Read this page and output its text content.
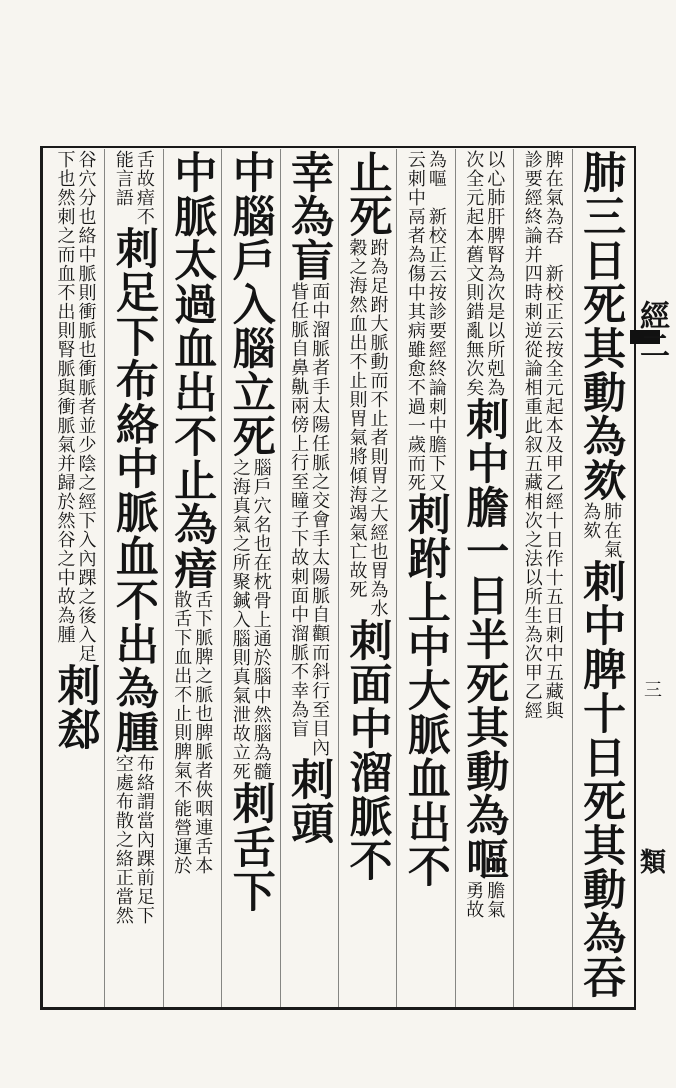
經二
三
類
肺三日死其動為欬
肺在氣
為欬
刺中脾十日死其動為吞
脾在氣為吞　新校正云按全元起本及甲乙經十日作十五日刺中五藏與
診要經終論并四時刺逆從論相重此叙五藏相次之法以所生為次甲乙經
以心肺肝脾腎為次是以所剋為
次全元起本舊文則錯亂無次矣
刺中膽一日半死其動為嘔
膽氣
勇故
為嘔　新校正云按診要經終論刺中膽下又
云刺中鬲者為傷中其病雖愈不過一歲而死
刺跗上中大脈血出不
止死
跗為足跗大脈動而不止者則胃之大經也胃為水
穀之海然血出不止則胃氣將傾海竭氣亡故死
刺面中溜脈不
幸為盲
面中溜脈者手太陽任脈之交會手太陽脈自顴而斜行至目內
眥任脈自鼻鼽兩傍上行至瞳子下故刺面中溜脈不幸為盲
刺頭
中腦戶入腦立死
腦戶穴名也在枕骨上通於腦中然腦為髓
之海真氣之所聚鍼入腦則真氣泄故立死
刺舌下
中脈太過血出不止為瘖
舌下脈脾之脈也脾脈者俠咽連舌本
散舌下血出不止則脾氣不能營運於
舌故瘖不
能言語
刺足下布絡中脈血不出為腫
布絡謂當內踝前足下
空處布散之絡正當然
谷穴分也絡中脈則衝脈也衝脈者並少陰之經下入內踝之後入足
下也然刺之而血不出則腎脈與衝脈氣并歸於然谷之中故為腫
刺郄
